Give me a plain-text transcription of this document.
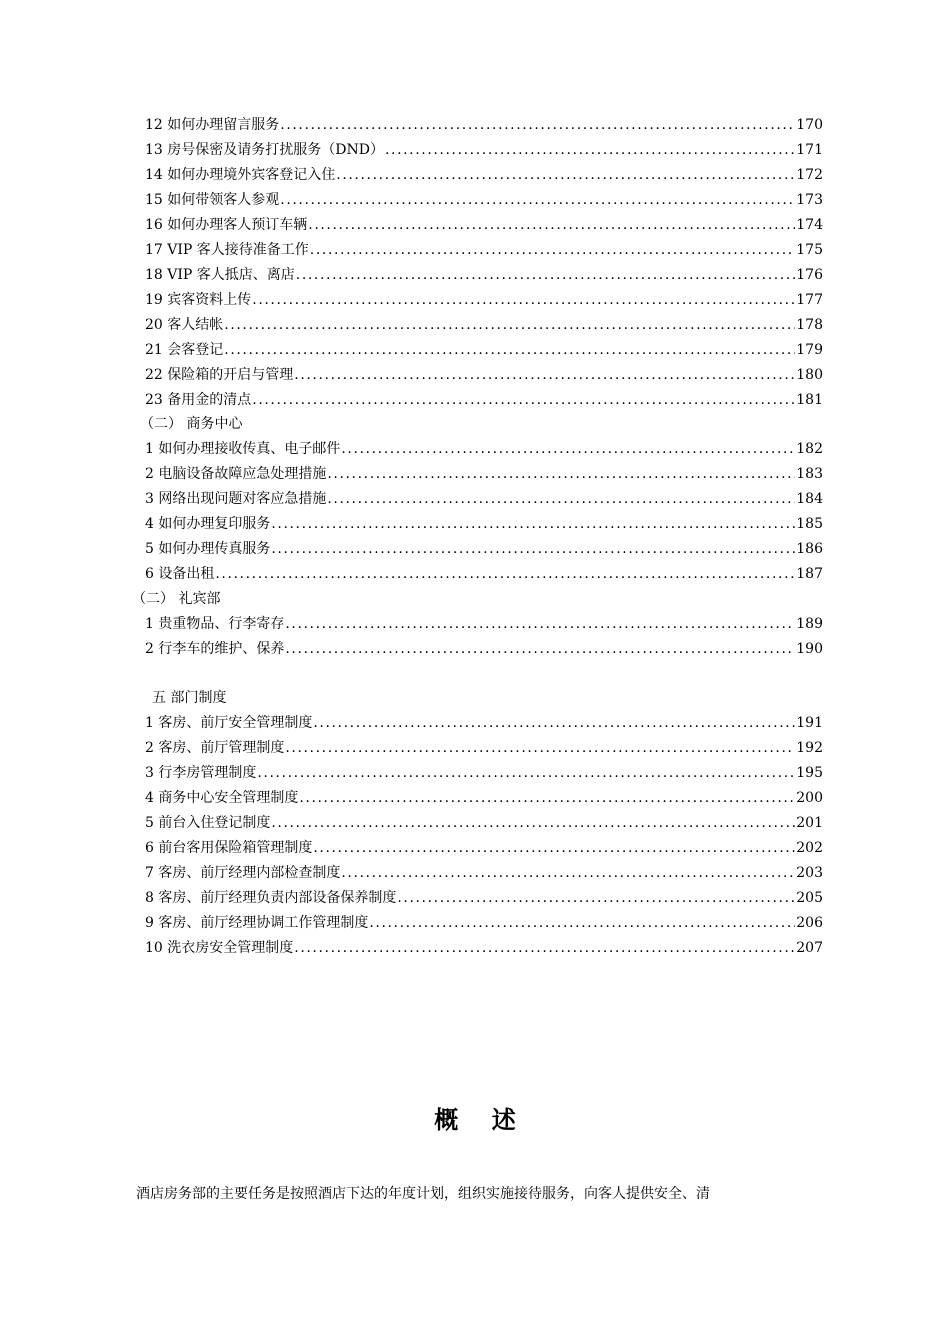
12 如何办理留言服务 .....	170
13 房号保密及请务打扰服务（DND） .....	171
14 如何办理境外宾客登记入住 .....	172
15 如何带领客人参观 .....	173
16 如何办理客人预订车辆 .....	174
17 VIP 客人接待准备工作 .....	175
18 VIP 客人抵店、离店 .....	176
19 宾客资料上传 .....	177
20 客人结帐 .....	178
21 会客登记 .....	179
22 保险箱的开启与管理 .....	180
23 备用金的清点 .....	181
（二） 商务中心
1 如何办理接收传真、电子邮件 .....	182
2 电脑设备故障应急处理措施 .....	183
3 网络出现问题对客应急措施 .....	184
4 如何办理复印服务 .....	185
5 如何办理传真服务 .....	186
6 设备出租 .....	187
（二） 礼宾部
1 贵重物品、行李寄存 .....	189
2 行李车的维护、保养 .....	190
五 部门制度
1 客房、前厅安全管理制度 .....	191
2 客房、前厅管理制度 .....	192
3 行李房管理制度 .....	195
4 商务中心安全管理制度 .....	200
5 前台入住登记制度 .....	201
6 前台客用保险箱管理制度 .....	202
7 客房、前厅经理内部检查制度 .....	203
8 客房、前厅经理负责内部设备保养制度 .....	205
9 客房、前厅经理协调工作管理制度 .....	206
10 洗衣房安全管理制度 .....	207
概    述
酒店房务部的主要任务是按照酒店下达的年度计划，组织实施接待服务，向客人提供安全、清
